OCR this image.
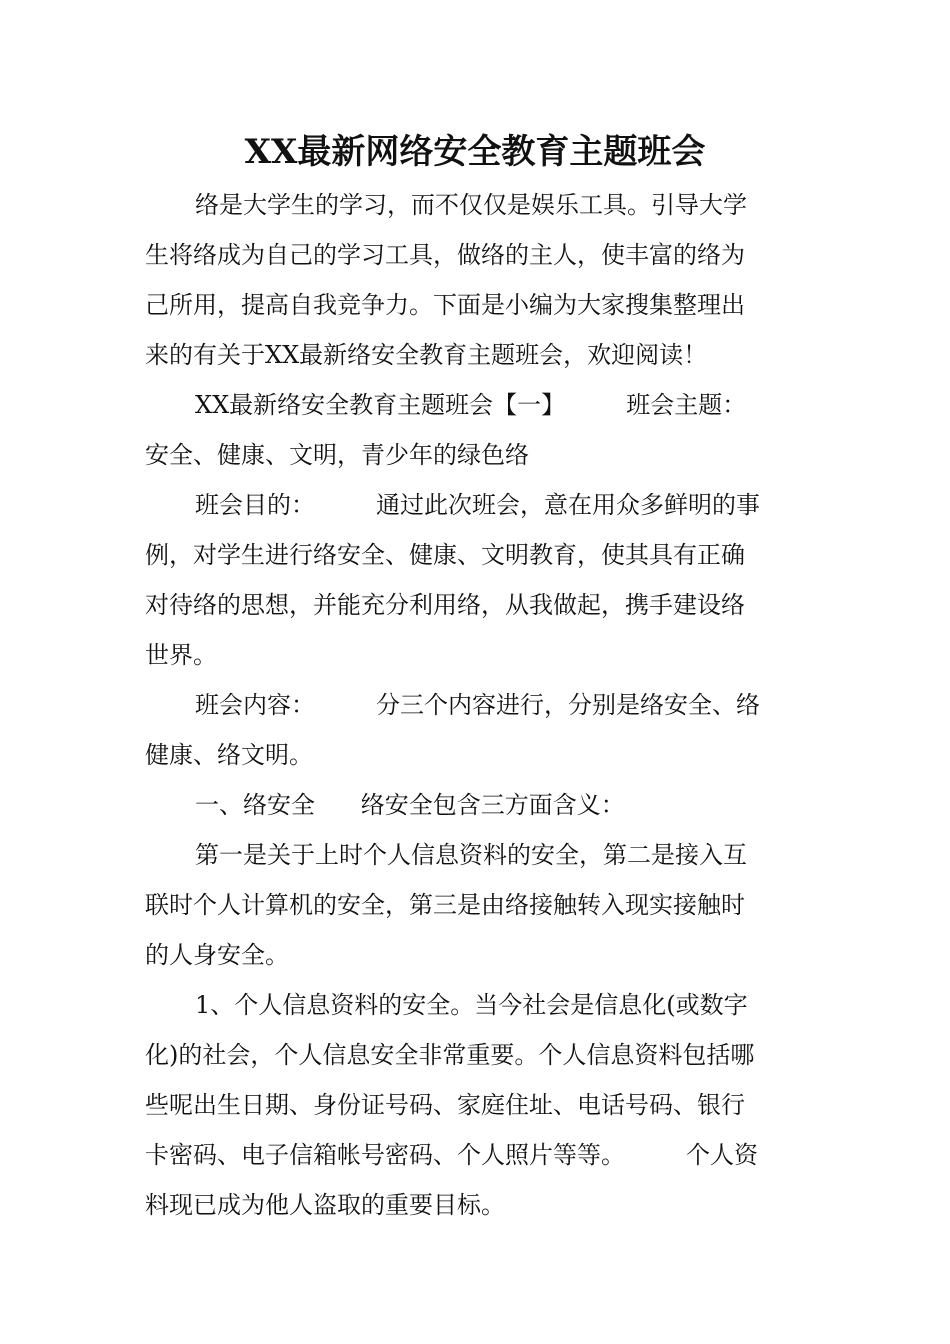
XX最新网络安全教育主题班会
络是大学生的学习，而不仅仅是娱乐工具。引导大学
生将络成为自己的学习工具，做络的主人，使丰富的络为
己所用，提高自我竞争力。下面是小编为大家搜集整理出
来的有关于XX最新络安全教育主题班会，欢迎阅读！
XX最新络安全教育主题班会【一】        班会主题：
安全、健康、文明，青少年的绿色络
班会目的：        通过此次班会，意在用众多鲜明的事
例，对学生进行络安全、健康、文明教育，使其具有正确
对待络的思想，并能充分利用络，从我做起，携手建设络
世界。
班会内容：        分三个内容进行，分别是络安全、络
健康、络文明。
一、络安全      络安全包含三方面含义：
第一是关于上时个人信息资料的安全，第二是接入互
联时个人计算机的安全，第三是由络接触转入现实接触时
的人身安全。
1、个人信息资料的安全。当今社会是信息化(或数字
化)的社会，个人信息安全非常重要。个人信息资料包括哪
些呢出生日期、身份证号码、家庭住址、电话号码、银行
卡密码、电子信箱帐号密码、个人照片等等。        个人资
料现已成为他人盗取的重要目标。
